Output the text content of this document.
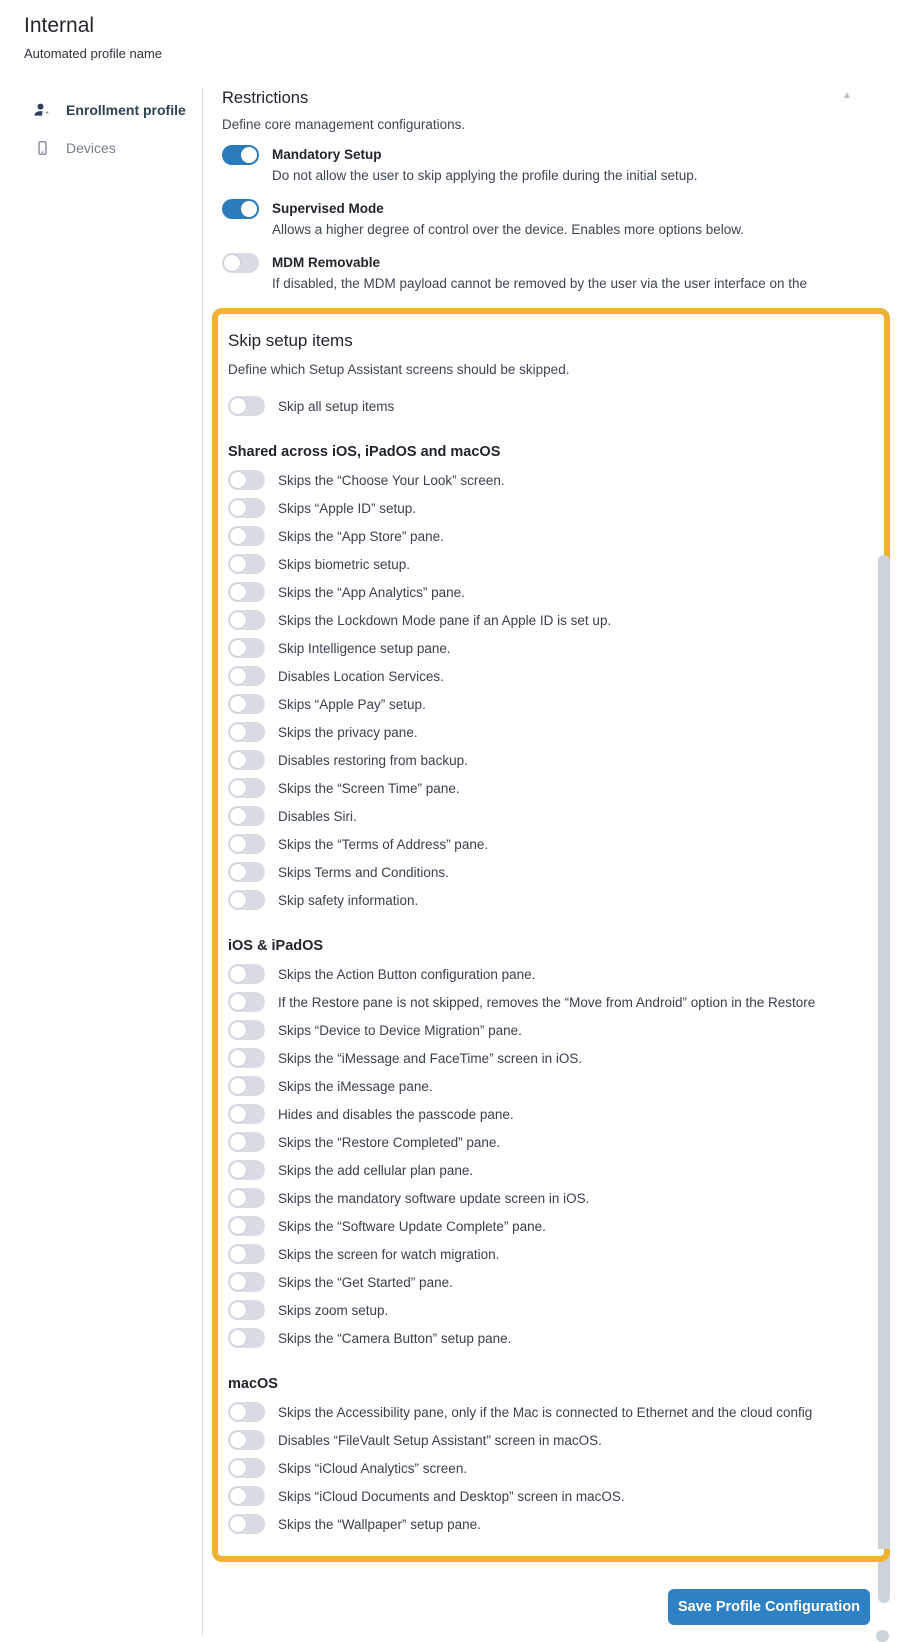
Internal
Automated profile name
Enrollment profile
Devices
Restrictions	▲
Define core management configurations.
Mandatory Setup
Do not allow the user to skip applying the profile during the initial setup.
Supervised Mode
Allows a higher degree of control over the device. Enables more options below.
MDM Removable
If disabled, the MDM payload cannot be removed by the user via the user interface on the
Skip setup items
Define which Setup Assistant screens should be skipped.
Skip all setup items
Shared across iOS, iPadOS and macOS
Skips the “Choose Your Look” screen.
Skips “Apple ID” setup.
Skips the “App Store” pane.
Skips biometric setup.
Skips the “App Analytics” pane.
Skips the Lockdown Mode pane if an Apple ID is set up.
Skip Intelligence setup pane.
Disables Location Services.
Skips “Apple Pay” setup.
Skips the privacy pane.
Disables restoring from backup.
Skips the “Screen Time” pane.
Disables Siri.
Skips the “Terms of Address” pane.
Skips Terms and Conditions.
Skip safety information.
iOS & iPadOS
Skips the Action Button configuration pane.
If the Restore pane is not skipped, removes the “Move from Android” option in the Restore
Skips “Device to Device Migration” pane.
Skips the “iMessage and FaceTime” screen in iOS.
Skips the iMessage pane.
Hides and disables the passcode pane.
Skips the “Restore Completed” pane.
Skips the add cellular plan pane.
Skips the mandatory software update screen in iOS.
Skips the “Software Update Complete” pane.
Skips the screen for watch migration.
Skips the “Get Started” pane.
Skips zoom setup.
Skips the “Camera Button” setup pane.
macOS
Skips the Accessibility pane, only if the Mac is connected to Ethernet and the cloud config
Disables “FileVault Setup Assistant” screen in macOS.
Skips “iCloud Analytics” screen.
Skips “iCloud Documents and Desktop” screen in macOS.
Skips the “Wallpaper” setup pane.
Save Profile Configuration
